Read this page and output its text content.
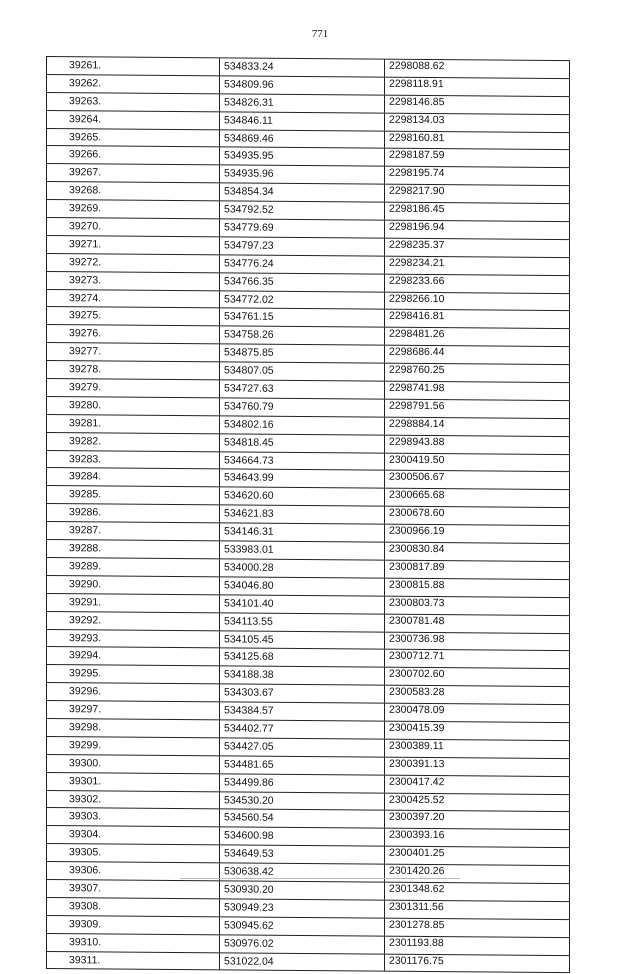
771
39261.	534833.24	2298088.62
39262.	534809.96	2298118.91
39263.	534826.31	2298146.85
39264.	534846.11	2298134.03
39265.	534869.46	2298160.81
39266.	534935.95	2298187.59
39267.	534935.96	2298195.74
39268.	534854.34	2298217.90
39269.	534792.52	2298186.45
39270.	534779.69	2298196.94
39271.	534797.23	2298235.37
39272.	534776.24	2298234.21
39273.	534766.35	2298233.66
39274.	534772.02	2298266.10
39275.	534761.15	2298416.81
39276.	534758.26	2298481.26
39277.	534875.85	2298686.44
39278.	534807.05	2298760.25
39279.	534727.63	2298741.98
39280.	534760.79	2298791.56
39281.	534802.16	2298884.14
39282.	534818.45	2298943.88
39283.	534664.73	2300419.50
39284.	534643.99	2300506.67
39285.	534620.60	2300665.68
39286.	534621.83	2300678.60
39287.	534146.31	2300966.19
39288.	533983.01	2300830.84
39289.	534000.28	2300817.89
39290.	534046.80	2300815.88
39291.	534101.40	2300803.73
39292.	534113.55	2300781.48
39293.	534105.45	2300736.98
39294.	534125.68	2300712.71
39295.	534188.38	2300702.60
39296.	534303.67	2300583.28
39297.	534384.57	2300478.09
39298.	534402.77	2300415.39
39299.	534427.05	2300389.11
39300.	534481.65	2300391.13
39301.	534499.86	2300417.42
39302.	534530.20	2300425.52
39303.	534560.54	2300397.20
39304.	534600.98	2300393.16
39305.	534649.53	2300401.25
39306.	530638.42	2301420.26
39307.	530930.20	2301348.62
39308.	530949.23	2301311.56
39309.	530945.62	2301278.85
39310.	530976.02	2301193.88
39311.	531022.04	2301176.75
